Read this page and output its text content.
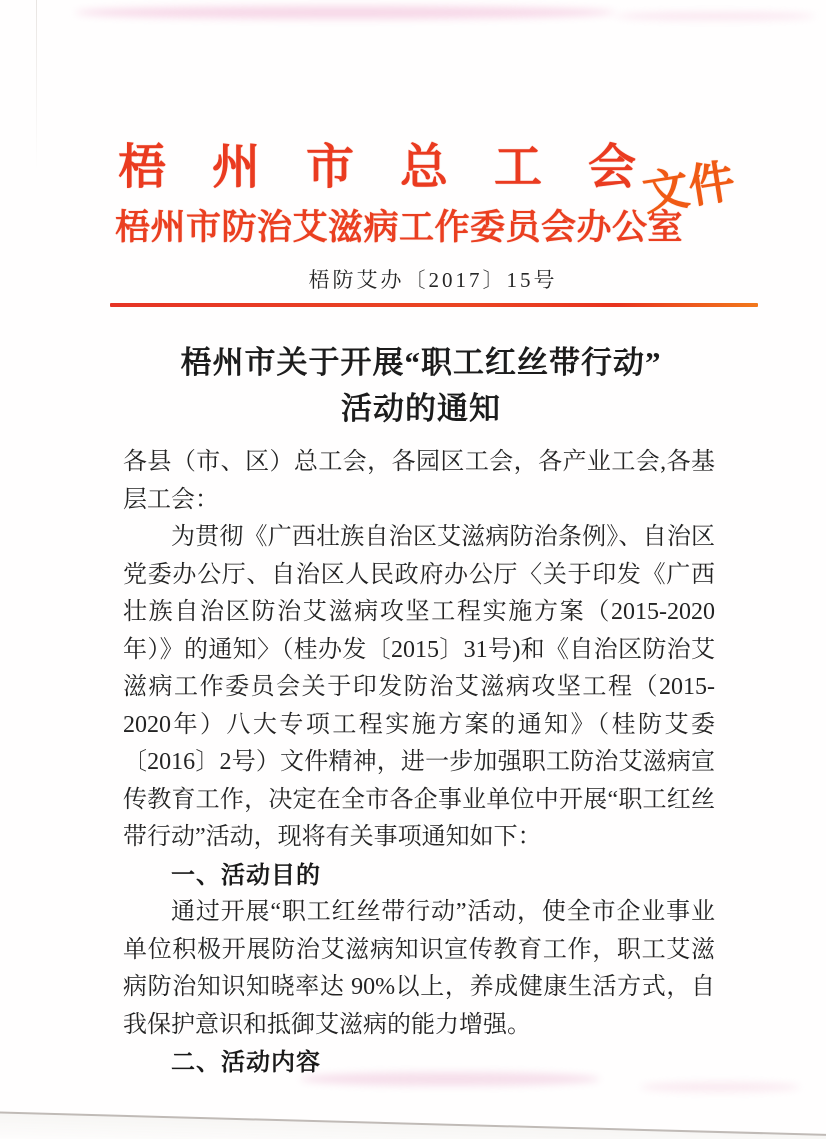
梧州市总工会
文件
梧州市防治艾滋病工作委员会办公室
梧防艾办〔2017〕15号
梧州市关于开展“职工红丝带行动”
活动的通知

各县（市、区）总工会，各园区工会，各产业工会,各基层工会：

为贯彻《广西壮族自治区艾滋病防治条例》、自治区党委办公厅、自治区人民政府办公厅〈关于印发《广西壮族自治区防治艾滋病攻坚工程实施方案（2015-2020年）》的通知〉（桂办发〔2015〕31号)和《自治区防治艾滋病工作委员会关于印发防治艾滋病攻坚工程（2015-2020年）八大专项工程实施方案的通知》（桂防艾委〔2016〕2号）文件精神，进一步加强职工防治艾滋病宣传教育工作，决定在全市各企事业单位中开展“职工红丝带行动”活动，现将有关事项通知如下：

一、活动目的

通过开展“职工红丝带行动”活动，使全市企业事业单位积极开展防治艾滋病知识宣传教育工作，职工艾滋病防治知识知晓率达 90%以上，养成健康生活方式，自我保护意识和抵御艾滋病的能力增强。

二、活动内容
